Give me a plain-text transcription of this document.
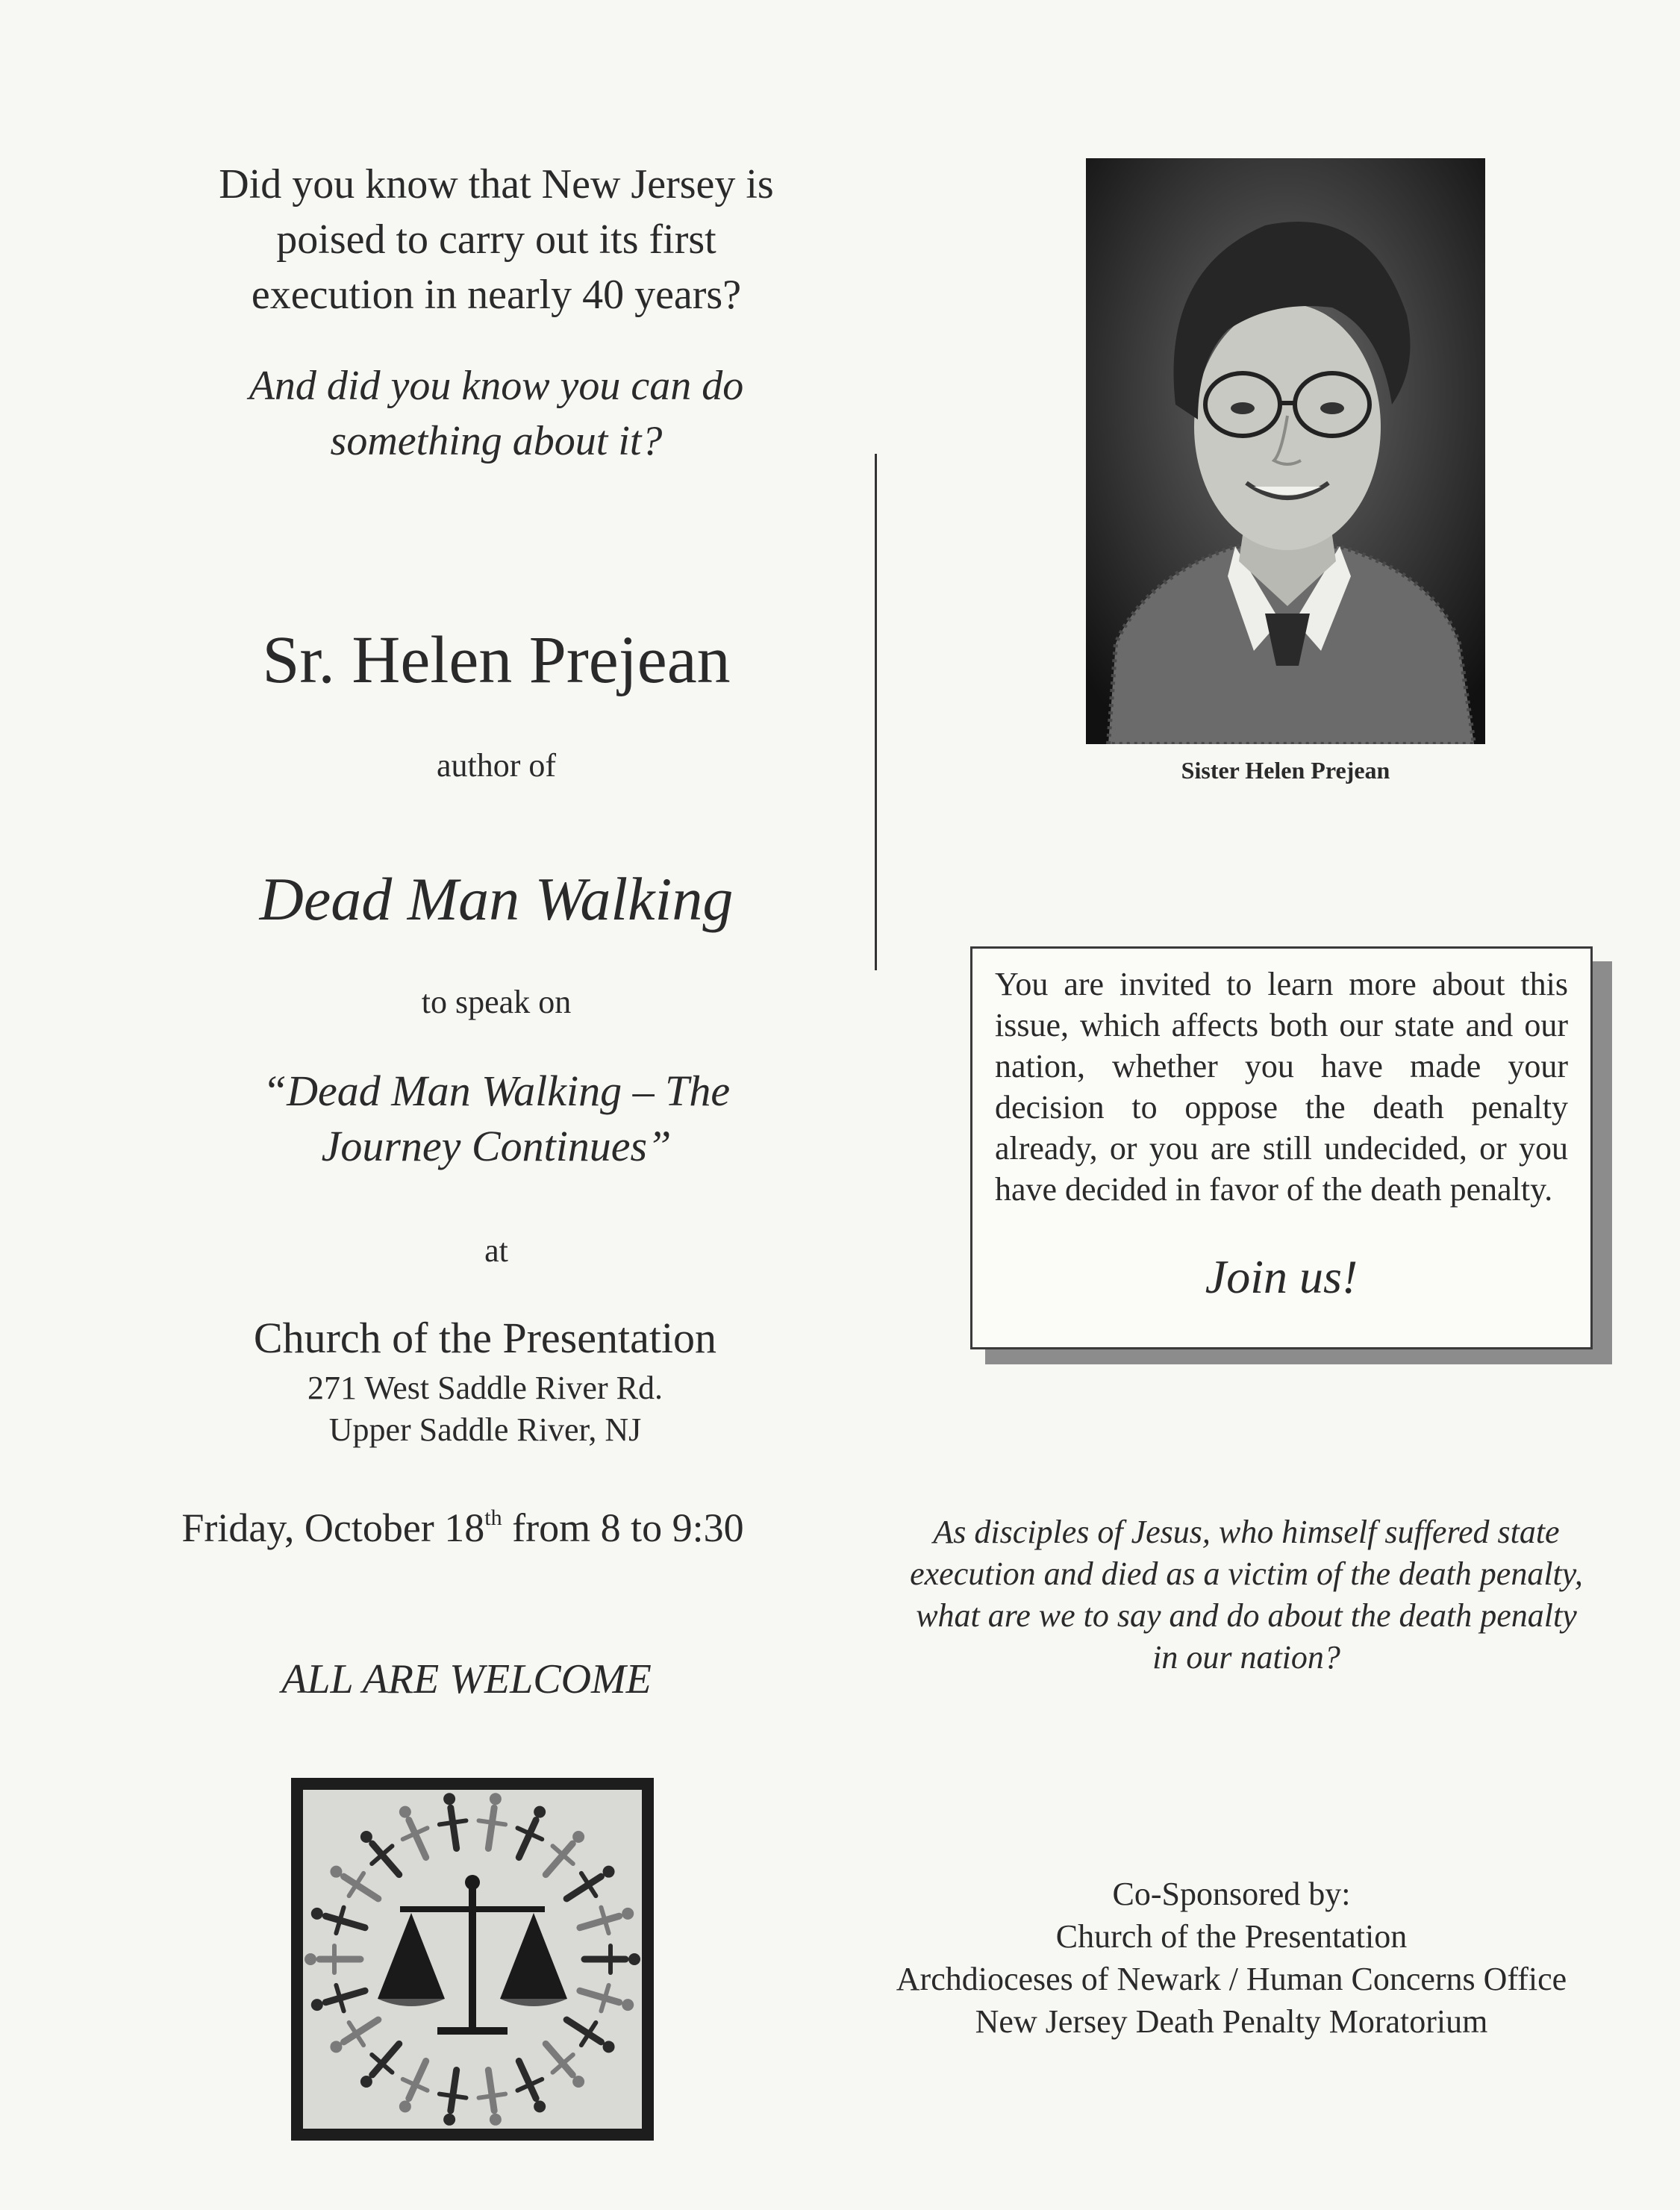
Did you know that New Jersey is
poised to carry out its first
execution in nearly 40 years?
And did you know you can do
something about it?
Sr. Helen Prejean
author of
Dead Man Walking
to speak on
“Dead Man Walking – The
Journey Continues”
at
Church of the Presentation
271 West Saddle River Rd.
Upper Saddle River, NJ
Friday, October 18th from 8 to 9:30
ALL ARE WELCOME
Sister Helen Prejean
You are invited to learn more about this issue, which affects both our state and our nation, whether you have made your decision to oppose the death penalty already, or you are still undecided, or you have decided in favor of the death penalty.
Join us!
As disciples of Jesus, who himself suffered state
execution and died as a victim of the death penalty,
what are we to say and do about the death penalty
in our nation?
Co-Sponsored by:
Church of the Presentation
Archdioceses of Newark / Human Concerns Office
New Jersey Death Penalty Moratorium
